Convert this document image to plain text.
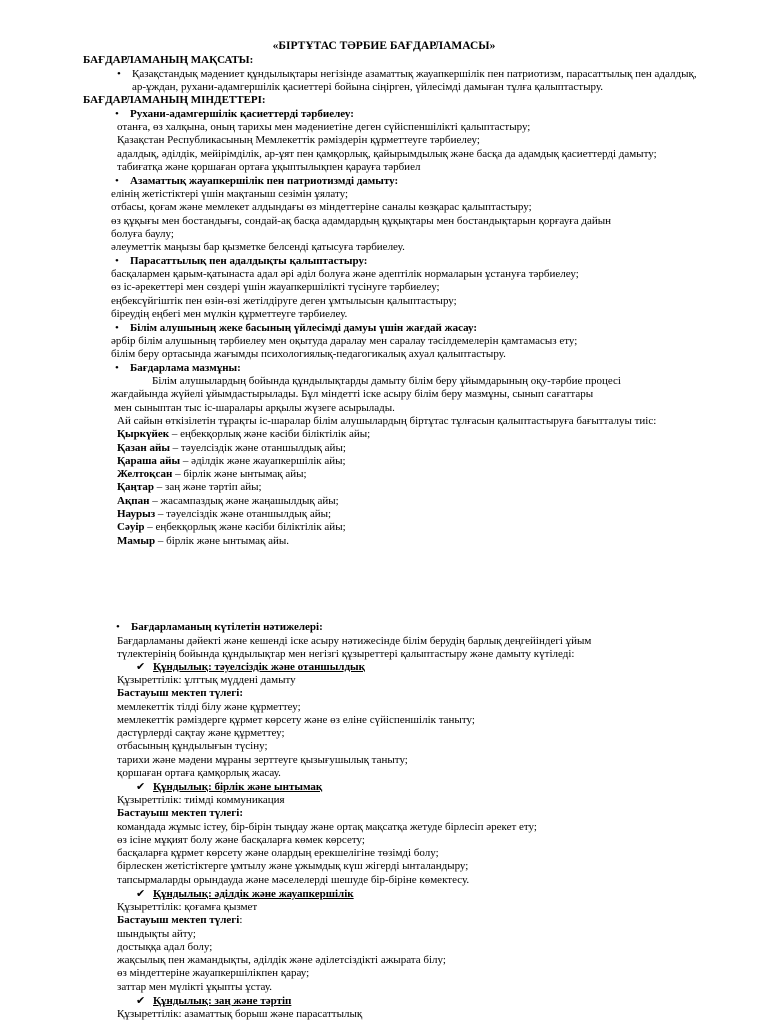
«БІРТҰТАС ТӘРБИЕ БАҒДАРЛАМАСЫ»
БАҒДАРЛАМАНЫҢ МАҚСАТЫ:
• Қазақстандық мәдениет құндылықтары негізінде азаматтық жауапкершілік пен патриотизм, парасаттылық пен адалдық,
ар-ұждан, рухани-адамгершілік қасиеттері бойына сіңірген, үйлесімді дамыған тұлға қалыптастыру.
БАҒДАРЛАМАНЫҢ МІНДЕТТЕРІ:
• Рухани-адамгершілік қасиеттерді тәрбиелеу:
отанға, өз халқына, оның тарихы мен мәдениетіне деген сүйіспеншілікті қалыптастыру;
Қазақстан Республикасының Мемлекеттік рәміздерін құрметтеуге тәрбиелеу;
адалдық, әділдік, мейірімділік, ар-ұят пен қамқорлық, қайырымдылық және басқа да адамдық қасиеттерді дамыту;
табиғатқа және қоршаған ортаға ұқыптылықпен қарауға тәрбиел
• Азаматтық жауапкершілік пен патриотизмді дамыту:
елінің жетістіктері үшін мақтаныш сезімін ұялату;
отбасы, қоғам және мемлекет алдындағы өз міндеттеріне саналы көзқарас қалыптастыру;
өз құқығы мен бостандығы, сондай-ақ басқа адамдардың құқықтары мен бостандықтарын қорғауға дайын
болуға баулу;
әлеуметтік маңызы бар қызметке белсенді қатысуға тәрбиелеу.
• Парасаттылық пен адалдықты қалыптастыру:
басқалармен қарым-қатынаста адал әрі әділ болуға және әдептілік нормаларын ұстануға тәрбиелеу;
өз іс-әрекеттері мен сөздері үшін жауапкершілікті түсінуге тәрбиелеу;
еңбексүйгіштік пен өзін-өзі жетілдіруге деген ұмтылысын қалыптастыру;
біреудің еңбегі мен мүлкін құрметтеуге тәрбиелеу.
• Білім алушының жеке басының үйлесімді дамуы үшін жағдай жасау:
әрбір білім алушының тәрбиелеу мен оқытуда даралау мен саралау тәсілдемелерін қамтамасыз ету;
білім беру ортасында жағымды психологиялық-педагогикалық ахуал қалыптастыру.
• Бағдарлама мазмұны:
Білім алушылардың бойында құндылықтарды дамыту білім беру ұйымдарының оқу-тәрбие процесі
жағдайында жүйелі ұйымдастырылады. Бұл міндетті іске асыру білім беру мазмұны, сынып сағаттары
мен сыныптан тыс іс-шаралары арқылы жүзеге асырылады.
Ай сайын өткізілетін тұрақты іс-шаралар білім алушылардың біртұтас тұлғасын қалыптастыруға бағытталуы тиіс:
Қыркүйек – еңбекқорлық және кәсіби біліктілік айы;
Қазан айы – тәуелсіздік және отаншылдық айы;
Қараша айы – әділдік және жауапкершілік айы;
Желтоқсан – бірлік және ынтымақ айы;
Қаңтар – заң және тәртіп айы;
Ақпан – жасампаздық және жаңашылдық айы;
Наурыз – тәуелсіздік және отаншылдық айы;
Сәуір – еңбекқорлық және кәсіби біліктілік айы;
Мамыр – бірлік және ынтымақ айы.
• Бағдарламаның күтілетін нәтижелері:
Бағдарламаны дәйекті және кешенді іске асыру нәтижесінде білім берудің барлық деңгейіндегі ұйым
түлектерінің бойында құндылықтар мен негізгі құзыреттері қалыптастыру және дамыту күтіледі:
✔ Құндылық: тәуелсіздік және отаншылдық
Құзыреттілік: ұлттық мүддені дамыту
Бастауыш мектеп түлегі:
мемлекеттік тілді білу және құрметтеу;
мемлекеттік рәміздерге құрмет көрсету және өз еліне сүйіспеншілік таныту;
дәстүрлерді сақтау және құрметтеу;
отбасының құндылығын түсіну;
тарихи және мәдени мұраны зерттеуге қызығушылық таныту;
қоршаған ортаға қамқорлық жасау.
✔ Құндылық: бірлік және ынтымақ
Құзыреттілік: тиімді коммуникация
Бастауыш мектеп түлегі:
командада жұмыс істеу, бір-бірін тыңдау және ортақ мақсатқа жетуде бірлесіп әрекет ету;
өз ісіне мұқият болу және басқаларға көмек көрсету;
басқаларға құрмет көрсету және олардың ерекшелігіне төзімді болу;
бірлескен жетістіктерге ұмтылу және ұжымдық күш жігерді ынталандыру;
тапсырмаларды орындауда және мәселелерді шешуде бір-біріне көмектесу.
✔ Құндылық: әділдік және жауапкершілік
Құзыреттілік: қоғамға қызмет
Бастауыш мектеп түлегі:
шындықты айту;
достыққа адал болу;
жақсылық пен жамандықты, әділдік және әділетсіздікті ажырата білу;
өз міндеттеріне жауапкершілікпен қарау;
заттар мен мүлікті ұқыпты ұстау.
✔ Құндылық: заң және тәртіп
Құзыреттілік: азаматтық борыш және парасаттылық
